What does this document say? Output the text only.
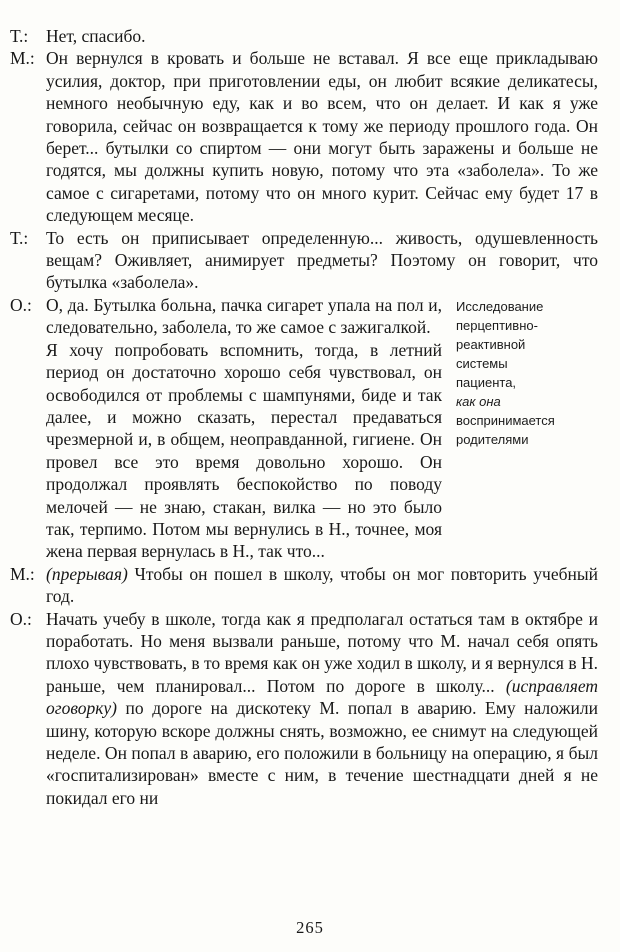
Т.:	Нет, спасибо.
М.: Он вернулся в кровать и больше не вставал. Я все еще прикладываю усилия, доктор, при приготовлении еды, он любит всякие деликатесы, немного необычную еду, как и во всем, что он делает. И как я уже говорила, сейчас он возвращается к тому же периоду прошлого года. Он берет... бутылки со спиртом — они могут быть заражены и больше не годятся, мы должны купить новую, потому что эта «заболела». То же самое с сигаретами, потому что он много курит. Сейчас ему будет 17 в следующем месяце.
Т.:	То есть он приписывает определенную... живость, одушевленность вещам? Оживляет, анимирует предметы? Поэтому он говорит, что бутылка «заболела».
О.: О, да. Бутылка больна, пачка сигарет упала на пол и, следовательно, заболела, то же самое с зажигалкой.

Я хочу попробовать вспомнить, тогда, в летний период он достаточно хорошо себя чувствовал, он освободился от проблемы с шампунями, биде и так далее, и можно сказать, перестал предаваться чрезмерной и, в общем, неоправданной, гигиене. Он провел все это время довольно хорошо. Он продолжал проявлять беспокойство по поводу мелочей — не знаю, стакан, вилка — но это было так, терпимо. Потом мы вернулись в Н., точнее, моя жена первая вернулась в Н., так что...

Исследование
перцептивно-
реактивной
системы
пациента,
как она
воспринимается
родителями
М.: (прерывая) Чтобы он пошел в школу, чтобы он мог повторить учебный год.
О.: Начать учебу в школе, тогда как я предполагал остаться там в октябре и поработать. Но меня вызвали раньше, потому что М. начал себя опять плохо чувствовать, в то время как он уже ходил в школу, и я вернулся в Н. раньше, чем планировал... Потом по дороге в школу... (исправляет оговорку) по дороге на дискотеку М. попал в аварию. Ему наложили шину, которую вскоре должны снять, возможно, ее снимут на следующей неделе. Он попал в аварию, его положили в больницу на операцию, я был «госпитализирован» вместе с ним, в течение шестнадцати дней я не покидал его ни
265
